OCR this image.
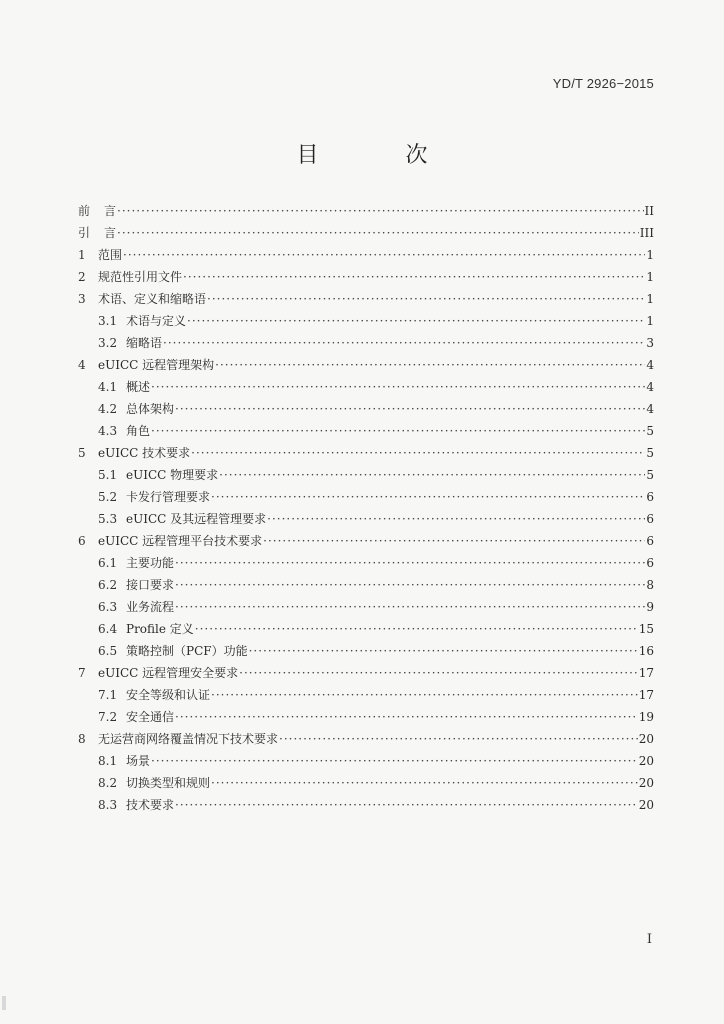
YD/T 2926−2015
目 次
前	言 ·····	II
引	言 ·····	III
1	范围 ·····	1
2	规范性引用文件 ·····	1
3	术语、定义和缩略语 ·····	1
3.1 术语与定义 ·····	1
3.2 缩略语 ·····	3
4	eUICC 远程管理架构 ·····	4
4.1 概述 ·····	4
4.2 总体架构 ·····	4
4.3 角色 ·····	5
5	eUICC 技术要求 ·····	5
5.1 eUICC 物理要求 ·····	5
5.2 卡发行管理要求 ·····	6
5.3 eUICC 及其远程管理要求 ·····	6
6	eUICC 远程管理平台技术要求 ·····	6
6.1 主要功能 ·····	6
6.2 接口要求 ·····	8
6.3 业务流程 ·····	9
6.4 Profile 定义 ·····	15
6.5 策略控制（PCF）功能 ·····	16
7	eUICC 远程管理安全要求 ·····	17
7.1 安全等级和认证 ·····	17
7.2 安全通信 ·····	19
8	无运营商网络覆盖情况下技术要求 ·····	20
8.1 场景 ·····	20
8.2 切换类型和规则 ·····	20
8.3 技术要求 ·····	20
I
